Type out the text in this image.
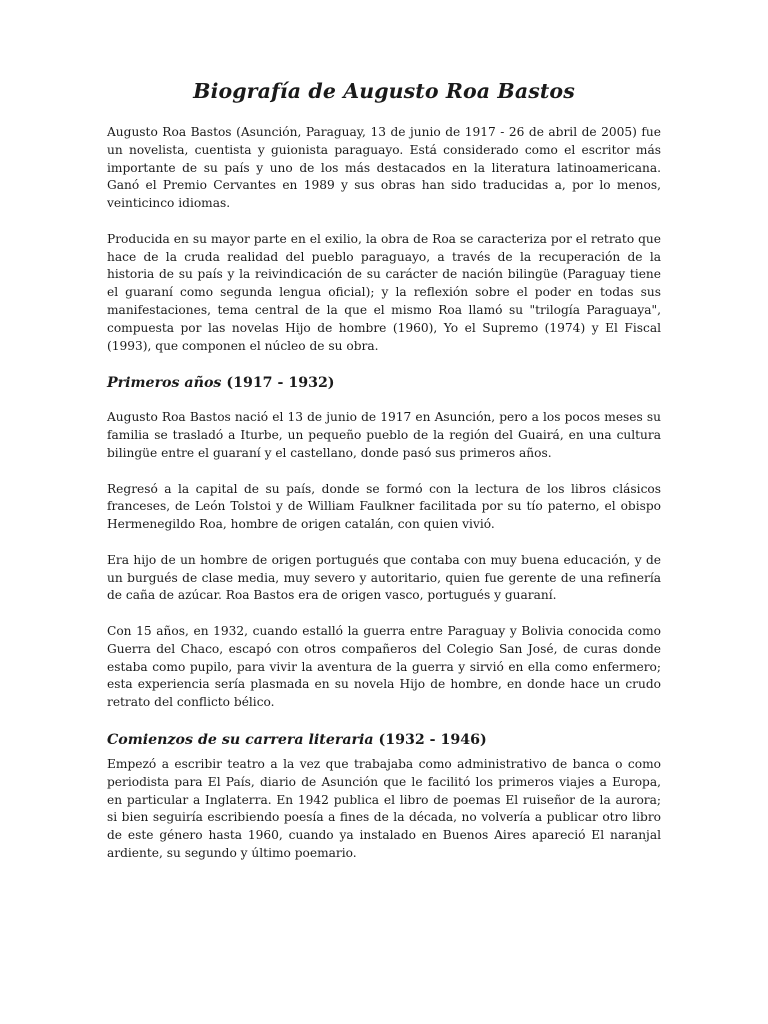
Biografía de Augusto Roa Bastos

Augusto Roa Bastos (Asunción, Paraguay, 13 de junio de 1917 - 26 de abril de 2005) fue un novelista, cuentista y guionista paraguayo. Está considerado como el escritor más importante de su país y uno de los más destacados en la literatura latinoamericana. Ganó el Premio Cervantes en 1989 y sus obras han sido traducidas a, por lo menos, veinticinco idiomas.

Producida en su mayor parte en el exilio, la obra de Roa se caracteriza por el retrato que hace de la cruda realidad del pueblo paraguayo, a través de la recuperación de la historia de su país y la reivindicación de su carácter de nación bilingüe (Paraguay tiene el guaraní como segunda lengua oficial); y la reflexión sobre el poder en todas sus manifestaciones, tema central de la que el mismo Roa llamó su "trilogía Paraguaya", compuesta por las novelas Hijo de hombre (1960), Yo el Supremo (1974) y El Fiscal (1993), que componen el núcleo de su obra.

Primeros años (1917 - 1932)

Augusto Roa Bastos nació el 13 de junio de 1917 en Asunción, pero a los pocos meses su familia se trasladó a Iturbe, un pequeño pueblo de la región del Guairá, en una cultura bilingüe entre el guaraní y el castellano, donde pasó sus primeros años.

Regresó a la capital de su país, donde se formó con la lectura de los libros clásicos franceses, de León Tolstoi y de William Faulkner facilitada por su tío paterno, el obispo Hermenegildo Roa, hombre de origen catalán, con quien vivió.

Era hijo de un hombre de origen portugués que contaba con muy buena educación, y de un burgués de clase media, muy severo y autoritario, quien fue gerente de una refinería de caña de azúcar. Roa Bastos era de origen vasco, portugués y guaraní.

Con 15 años, en 1932, cuando estalló la guerra entre Paraguay y Bolivia conocida como Guerra del Chaco, escapó con otros compañeros del Colegio San José, de curas donde estaba como pupilo, para vivir la aventura de la guerra y sirvió en ella como enfermero; esta experiencia sería plasmada en su novela Hijo de hombre, en donde hace un crudo retrato del conflicto bélico.

Comienzos de su carrera literaria (1932 - 1946)

Empezó a escribir teatro a la vez que trabajaba como administrativo de banca o como periodista para El País, diario de Asunción que le facilitó los primeros viajes a Europa, en particular a Inglaterra. En 1942 publica el libro de poemas El ruiseñor de la aurora; si bien seguiría escribiendo poesía a fines de la década, no volvería a publicar otro libro de este género hasta 1960, cuando ya instalado en Buenos Aires apareció El naranjal ardiente, su segundo y último poemario.
